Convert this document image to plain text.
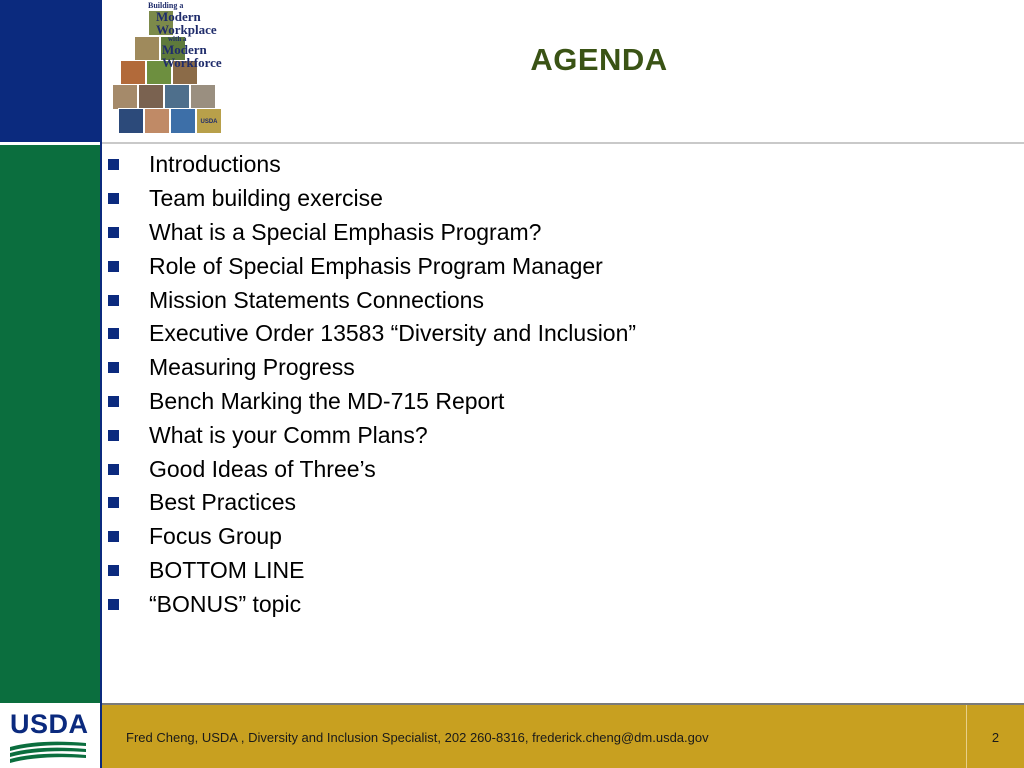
USDA
Building a
Modern
Workplace
with a
Modern
Workforce	AGENDA
Introductions
Team building exercise
What is a Special Emphasis Program?
Role of Special Emphasis Program Manager
Mission Statements Connections
Executive Order 13583 “Diversity and Inclusion”
Measuring Progress
Bench Marking the MD-715 Report
What is your Comm Plans?
Good Ideas of Three’s
Best Practices
Focus Group
BOTTOM LINE
“BONUS” topic
USDA	Fred Cheng, USDA , Diversity and Inclusion Specialist, 202 260-8316, frederick.cheng@dm.usda.gov	2
